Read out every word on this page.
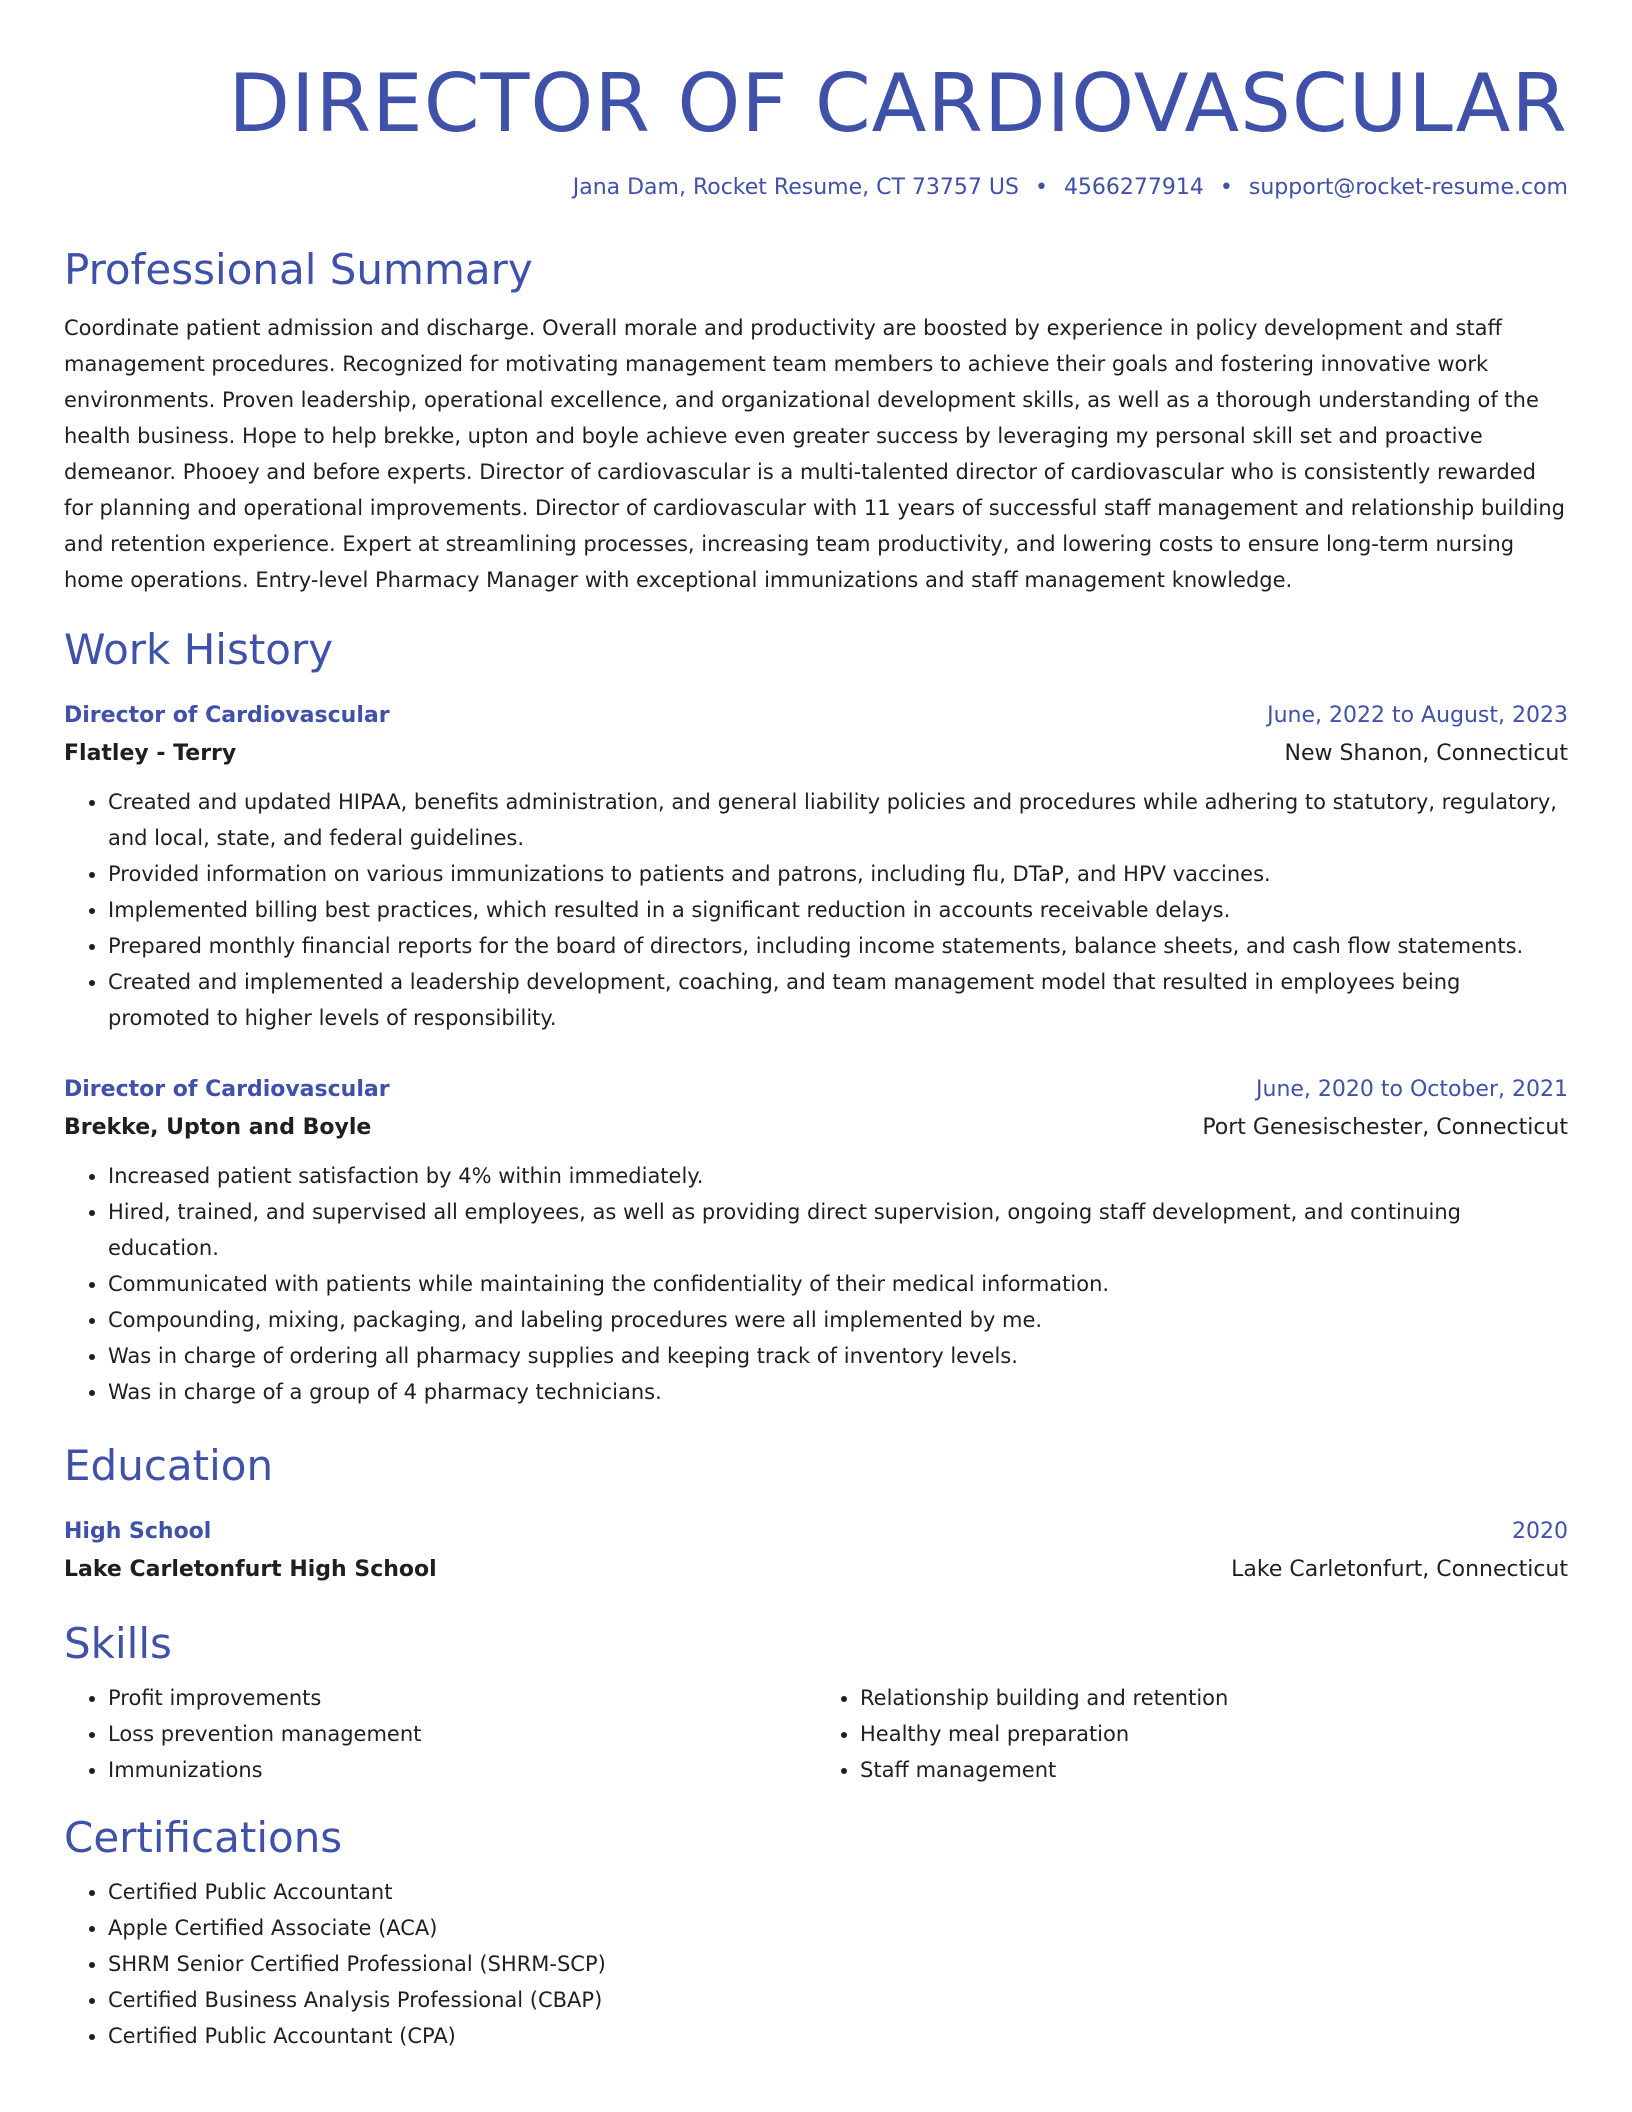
DIRECTOR OF CARDIOVASCULAR
Jana Dam, Rocket Resume, CT 73757 US • 4566277914 • support@rocket-resume.com
Professional Summary

Coordinate patient admission and discharge. Overall morale and productivity are boosted by experience in policy development and staff management procedures. Recognized for motivating management team members to achieve their goals and fostering innovative work environments. Proven leadership, operational excellence, and organizational development skills, as well as a thorough understanding of the health business. Hope to help brekke, upton and boyle achieve even greater success by leveraging my personal skill set and proactive demeanor. Phooey and before experts. Director of cardiovascular is a multi-talented director of cardiovascular who is consistently rewarded for planning and operational improvements. Director of cardiovascular with 11 years of successful staff management and relationship building and retention experience. Expert at streamlining processes, increasing team productivity, and lowering costs to ensure long-term nursing home operations. Entry-level Pharmacy Manager with exceptional immunizations and staff management knowledge.

Work History
Director of Cardiovascular	June, 2022 to August, 2023
Flatley - Terry	New Shanon, Connecticut
• Created and updated HIPAA, benefits administration, and general liability policies and procedures while adhering to statutory, regulatory, and local, state, and federal guidelines.
• Provided information on various immunizations to patients and patrons, including flu, DTaP, and HPV vaccines.
• Implemented billing best practices, which resulted in a significant reduction in accounts receivable delays.
• Prepared monthly financial reports for the board of directors, including income statements, balance sheets, and cash flow statements.
• Created and implemented a leadership development, coaching, and team management model that resulted in employees being promoted to higher levels of responsibility.
Director of Cardiovascular	June, 2020 to October, 2021
Brekke, Upton and Boyle	Port Genesischester, Connecticut
• Increased patient satisfaction by 4% within immediately.
• Hired, trained, and supervised all employees, as well as providing direct supervision, ongoing staff development, and continuing education.
• Communicated with patients while maintaining the confidentiality of their medical information.
• Compounding, mixing, packaging, and labeling procedures were all implemented by me.
• Was in charge of ordering all pharmacy supplies and keeping track of inventory levels.
• Was in charge of a group of 4 pharmacy technicians.
Education
High School	2020
Lake Carletonfurt High School	Lake Carletonfurt, Connecticut
Skills
• Profit improvements
• Loss prevention management
• Immunizations
• Relationship building and retention
• Healthy meal preparation
• Staff management
Certifications
• Certified Public Accountant
• Apple Certified Associate (ACA)
• SHRM Senior Certified Professional (SHRM-SCP)
• Certified Business Analysis Professional (CBAP)
• Certified Public Accountant (CPA)
